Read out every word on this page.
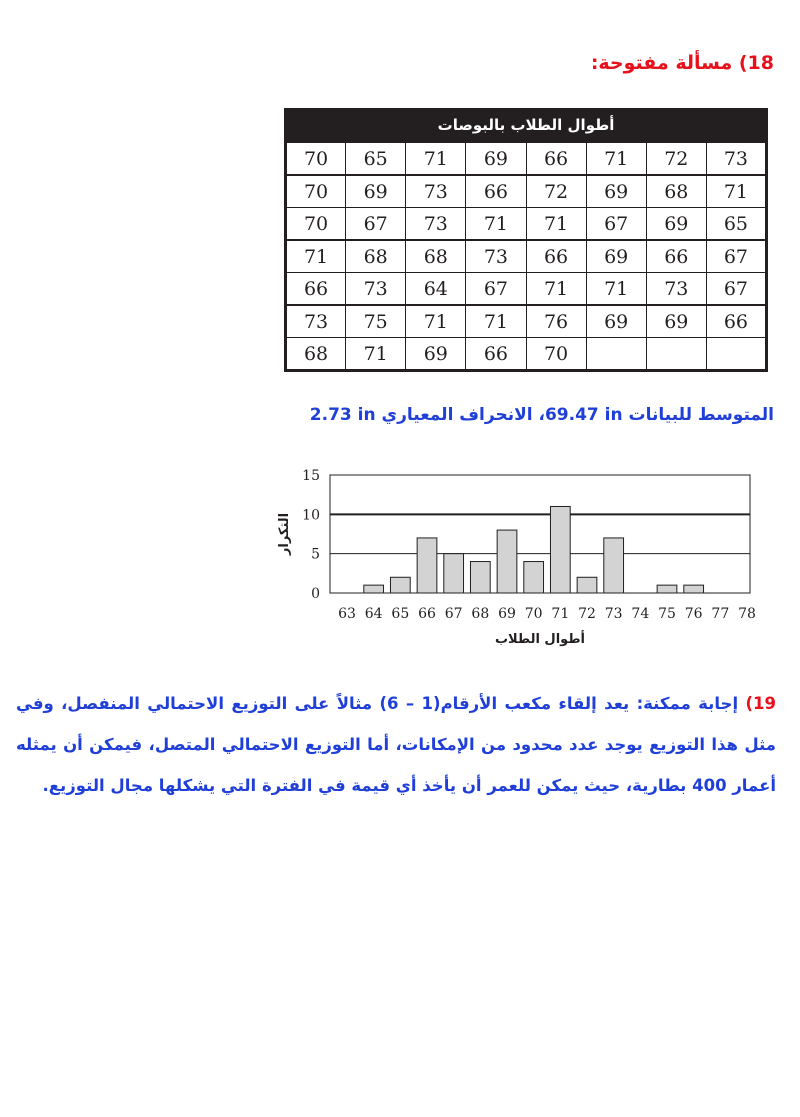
18) مسألة مفتوحة:
أطوال الطلاب بالبوصات
70	65	71	69	66	71	72	73
70	69	73	66	72	69	68	71
70	67	73	71	71	67	69	65
71	68	68	73	66	69	66	67
66	73	64	67	71	71	73	67
73	75	71	71	76	69	69	66
68	71	69	66	70			
المتوسط للبيانات 69.47 in، الانحراف المعياري 2.73 in
0
5
10
15
63 64 65 66 67 68 69 70 71 72 73 74 75 76 77 78
أطوال الطلاب
التكرار
19) إجابة ممكنة: يعد إلقاء مكعب الأرقام(6 – 1) مثالاً على التوزيع الاحتمالي المنفصل، وفي مثل هذا التوزيع يوجد عدد محدود من الإمكانات، أما التوزيع الاحتمالي المتصل، فيمكن أن يمثله أعمار 400 بطارية، حيث يمكن للعمر أن يأخذ أي قيمة في الفترة التي يشكلها مجال التوزيع.
